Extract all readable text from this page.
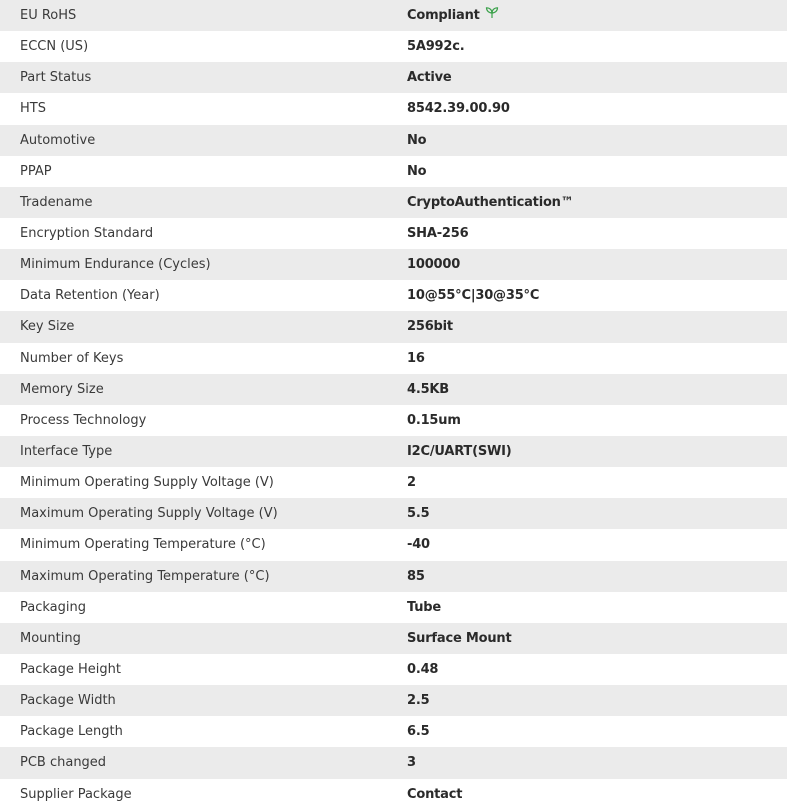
EU RoHS	Compliant
ECCN (US)	5A992c.
Part Status	Active
HTS	8542.39.00.90
Automotive	No
PPAP	No
Tradename	CryptoAuthentication™
Encryption Standard	SHA-256
Minimum Endurance (Cycles)	100000
Data Retention (Year)	10@55°C|30@35°C
Key Size	256bit
Number of Keys	16
Memory Size	4.5KB
Process Technology	0.15um
Interface Type	I2C/UART(SWI)
Minimum Operating Supply Voltage (V)	2
Maximum Operating Supply Voltage (V)	5.5
Minimum Operating Temperature (°C)	-40
Maximum Operating Temperature (°C)	85
Packaging	Tube
Mounting	Surface Mount
Package Height	0.48
Package Width	2.5
Package Length	6.5
PCB changed	3
Supplier Package	Contact
